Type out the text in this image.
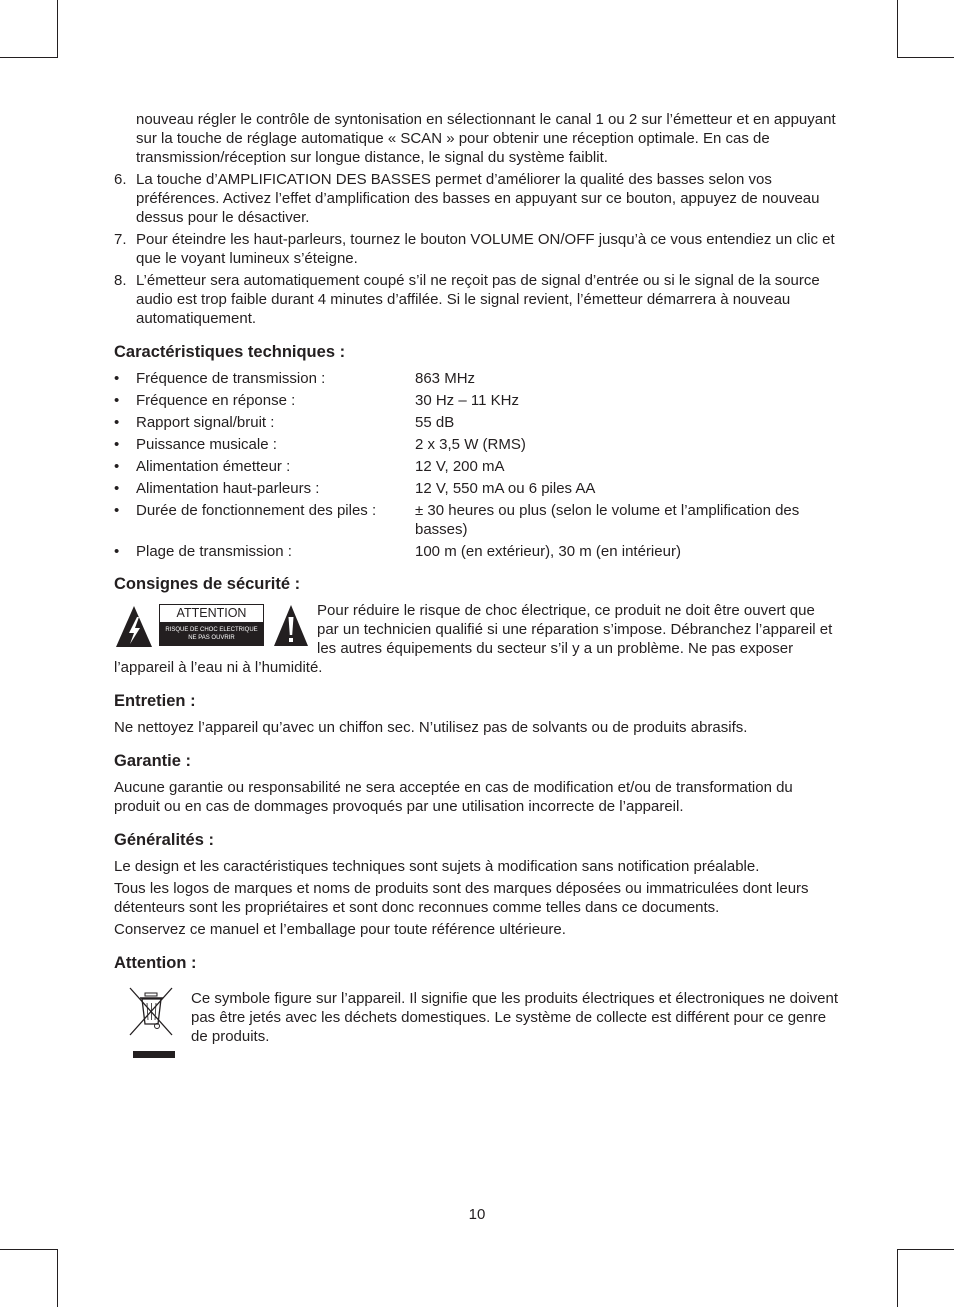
nouveau régler le contrôle de syntonisation en sélectionnant le canal 1 ou 2 sur l’émetteur et en appuyant sur la touche de réglage automatique « SCAN » pour obtenir une réception optimale. En cas de transmission/réception sur longue distance, le signal du système faiblit.

6. La touche d’AMPLIFICATION DES BASSES permet d’améliorer la qualité des basses selon vos préférences. Activez l’effet d’amplification des basses en appuyant sur ce bouton, appuyez de nouveau dessus pour le désactiver.
7. Pour éteindre les haut-parleurs, tournez le bouton VOLUME ON/OFF jusqu’à ce vous entendiez un clic et que le voyant lumineux s’éteigne.
8. L’émetteur sera automatiquement coupé s’il ne reçoit pas de signal d’entrée ou si le signal de la source audio est trop faible durant 4 minutes d’affilée. Si le signal revient, l’émetteur démarrera à nouveau automatiquement.
Caractéristiques techniques :
•	Fréquence de transmission :	863 MHz
•	Fréquence en réponse :	30 Hz – 11 KHz
•	Rapport signal/bruit :	55 dB
•	Puissance musicale :	2 x 3,5 W (RMS)
•	Alimentation émetteur :	12 V, 200 mA
•	Alimentation haut-parleurs :	12 V, 550 mA ou 6 piles AA
•	Durée de fonctionnement des piles :	± 30 heures ou plus (selon le volume et l’amplification des basses)
•	Plage de transmission :	100 m (en extérieur), 30 m (en intérieur)
Consignes de sécurité :
ATTENTION
RISQUE DE CHOC ELECTRIQUE
NE PAS OUVRIR

Pour réduire le risque de choc électrique, ce produit ne doit être ouvert que par un technicien qualifié si une réparation s’impose. Débranchez l’appareil et les autres équipements du secteur s’il y a un problème. Ne pas exposer l’appareil à l’eau ni à l’humidité.

Entretien :

Ne nettoyez l’appareil qu’avec un chiffon sec. N’utilisez pas de solvants ou de produits abrasifs.

Garantie :

Aucune garantie ou responsabilité ne sera acceptée en cas de modification et/ou de transformation du produit ou en cas de dommages provoqués par une utilisation incorrecte de l’appareil.

Généralités :

Le design et les caractéristiques techniques sont sujets à modification sans notification préalable.

Tous les logos de marques et noms de produits sont des marques déposées ou immatriculées dont leurs détenteurs sont les propriétaires et sont donc reconnues comme telles dans ce documents.

Conservez ce manuel et l’emballage pour toute référence ultérieure.

Attention :

Ce symbole figure sur l’appareil. Il signifie que les produits électriques et électroniques ne doivent pas être jetés avec les déchets domestiques. Le système de collecte est différent pour ce genre de produits.

10
